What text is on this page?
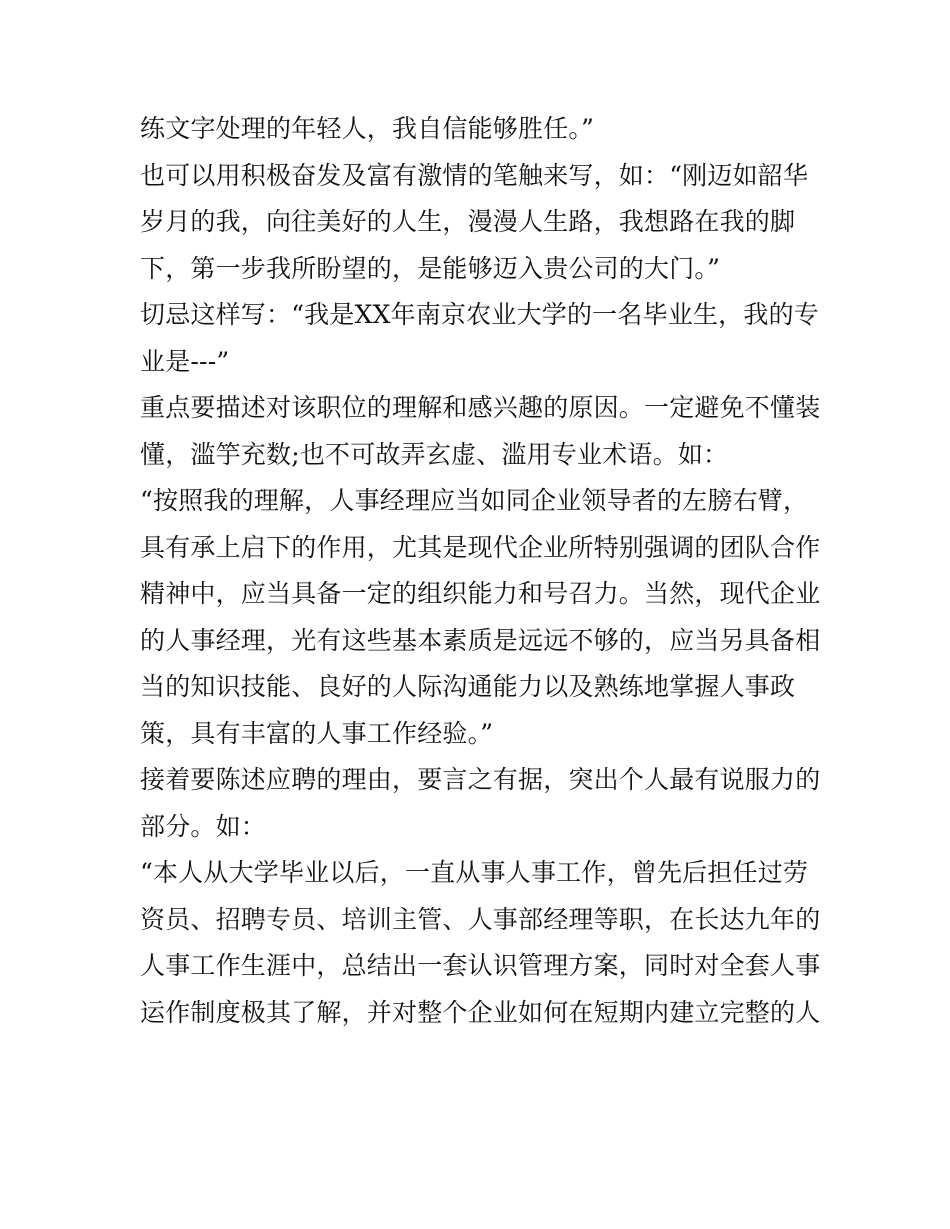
练文字处理的年轻人，我自信能够胜任。”
也可以用积极奋发及富有激情的笔触来写，如：“刚迈如韶华
岁月的我，向往美好的人生，漫漫人生路，我想路在我的脚
下，第一步我所盼望的，是能够迈入贵公司的大门。”
切忌这样写：“我是XX年南京农业大学的一名毕业生，我的专
业是---”
重点要描述对该职位的理解和感兴趣的原因。一定避免不懂装
懂，滥竽充数;也不可故弄玄虚、滥用专业术语。如：
“按照我的理解，人事经理应当如同企业领导者的左膀右臂，
具有承上启下的作用，尤其是现代企业所特别强调的团队合作
精神中，应当具备一定的组织能力和号召力。当然，现代企业
的人事经理，光有这些基本素质是远远不够的，应当另具备相
当的知识技能、良好的人际沟通能力以及熟练地掌握人事政
策，具有丰富的人事工作经验。”
接着要陈述应聘的理由，要言之有据，突出个人最有说服力的
部分。如：
“本人从大学毕业以后，一直从事人事工作，曾先后担任过劳
资员、招聘专员、培训主管、人事部经理等职，在长达九年的
人事工作生涯中，总结出一套认识管理方案，同时对全套人事
运作制度极其了解，并对整个企业如何在短期内建立完整的人
